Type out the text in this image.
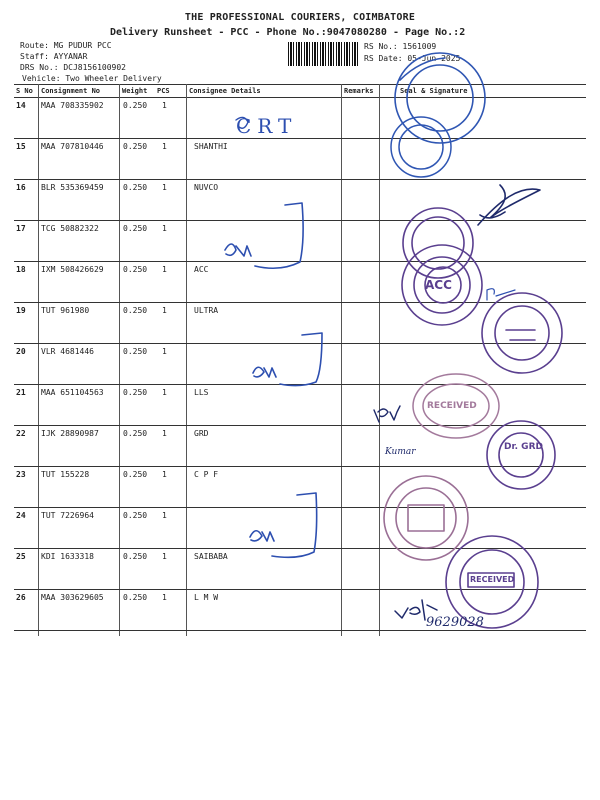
THE PROFESSIONAL COURIERS, COIMBATORE
Delivery Runsheet - PCC - Phone No.:9047080280 - Page No.:2
Route: MG PUDUR PCC
Staff: AYYANAR
DRS No.: DCJ8156100902
Vehicle: Two Wheeler Delivery
RS No.: 1561009
RS Date: 05-Jun-2025
S No Consignment No	Weight PCS	Consignee Details	Remarks	Seal & Signature
14 MAA 708335902 0.250 1
15 MAA 707810446 0.250 1	SHANTHI
16 BLR 535369459 0.250 1	NUVCO
17 TCG 50882322	0.250 1
18 IXM 508426629 0.250 1	ACC
19 TUT 961980	0.250 1	ULTRA
20 VLR 4681446	0.250 1
21 MAA 651104563 0.250 1	LLS
22 IJK 28890987	0.250 1	GRD
23 TUT 155228	0.250 1	C P F
24 TUT 7226964	0.250 1
25 KDI 1633318	0.250 1	SAIBABA
26 MAA 303629605 0.250 1	L M W
CRT
ACC
RECEIVED
Dr. GRD
Kumar
RECEIVED
9629028
